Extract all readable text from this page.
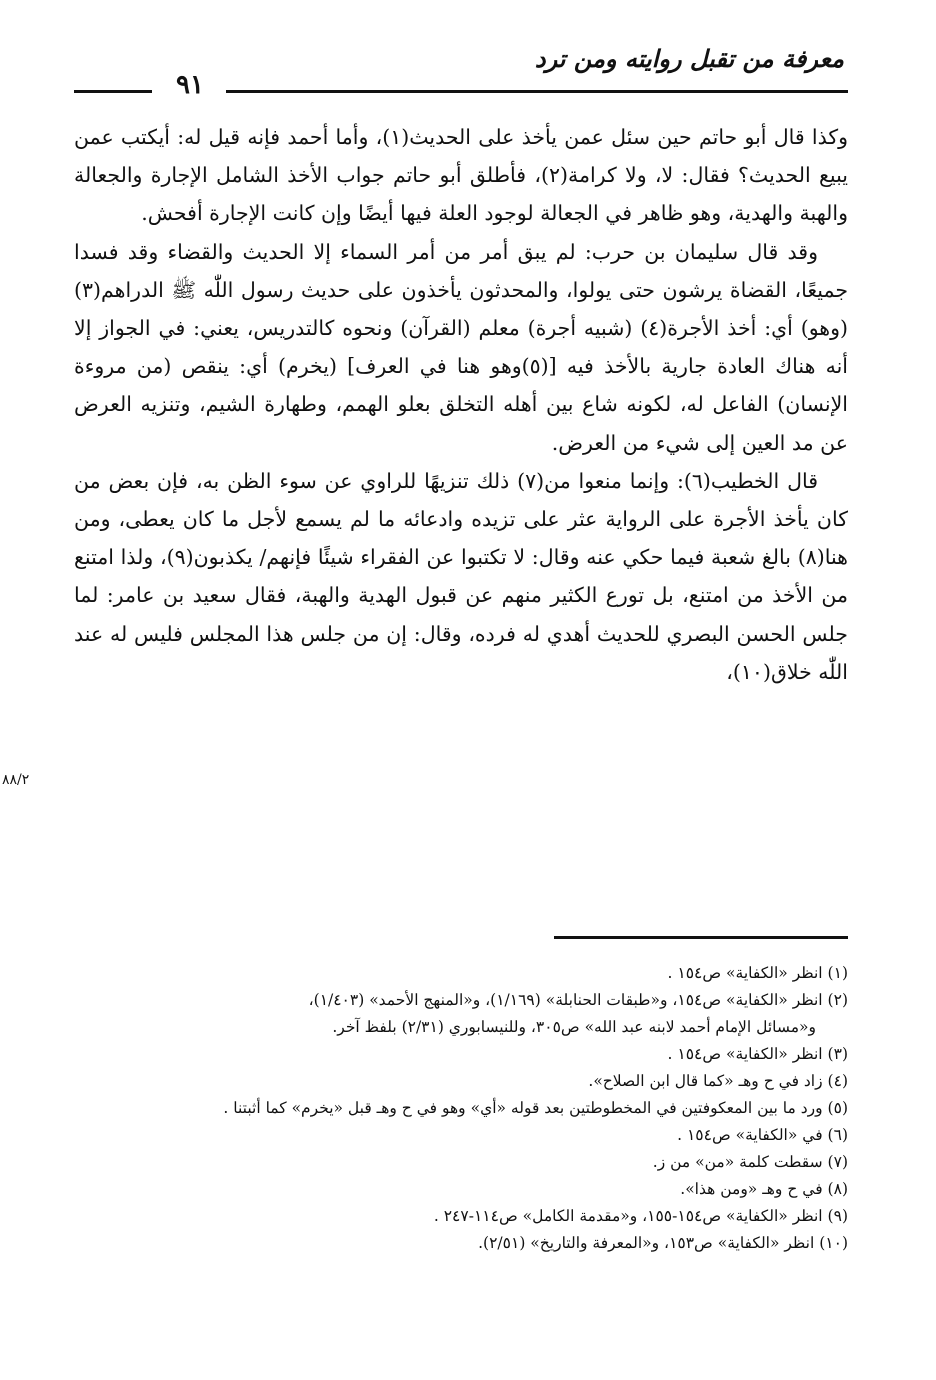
معرفة من تقبل روايته ومن ترد
٩١

وكذا قال أبو حاتم حين سئل عمن يأخذ على الحديث(١)، وأما أحمد فإنه قيل له: أيكتب عمن يبيع الحديث؟ فقال: لا، ولا كرامة(٢)، فأطلق أبو حاتم جواب الأخذ الشامل الإجارة والجعالة والهبة والهدية، وهو ظاهر في الجعالة لوجود العلة فيها أيضًا وإن كانت الإجارة أفحش.

وقد قال سليمان بن حرب: لم يبق أمر من أمر السماء إلا الحديث والقضاء وقد فسدا جميعًا، القضاة يرشون حتى يولوا، والمحدثون يأخذون على حديث رسول اللّٰه ﷺ الدراهم(٣) (وهو) أي: أخذ الأجرة(٤) (شبيه أجرة) معلم (القرآن) ونحوه كالتدريس، يعني: في الجواز إلا أنه هناك العادة جارية بالأخذ فيه [(٥)وهو هنا في العرف] (يخرم) أي: ينقص (من مروءة الإنسان) الفاعل له، لكونه شاع بين أهله التخلق بعلو الهمم، وطهارة الشيم، وتنزيه العرض عن مد العين إلى شيء من العرض.

قال الخطيب(٦): وإنما منعوا من(٧) ذلك تنزيهًا للراوي عن سوء الظن به، فإن بعض من كان يأخذ الأجرة على الرواية عثر على تزيده وادعائه ما لم يسمع لأجل ما كان يعطى، ومن هنا(٨) بالغ شعبة فيما حكي عنه وقال: لا تكتبوا عن الفقراء شيئًا فإنهم/ يكذبون(٩)، ولذا امتنع من الأخذ من امتنع، بل تورع الكثير منهم عن قبول الهدية والهبة، فقال سعيد بن عامر: لما جلس الحسن البصري للحديث أهدي له فرده، وقال: إن من جلس هذا المجلس فليس له عند اللّٰه خلاق(١٠)،

٨٨/٢
(١) انظر «الكفاية» ص١٥٤ .
(٢) انظر «الكفاية» ص١٥٤، و«طبقات الحنابلة» (١/١٦٩)، و«المنهج الأحمد» (١/٤٠٣)،
و«مسائل الإمام أحمد لابنه عبد الله» ص٣٠٥، وللنيسابوري (٢/٣١) بلفظ آخر.
(٣) انظر «الكفاية» ص١٥٤ .
(٤) زاد في ح وهـ «كما قال ابن الصلاح».
(٥) ورد ما بين المعكوفتين في المخطوطتين بعد قوله «أي» وهو في ح وهـ قبل «يخرم» كما أثبتنا .
(٦) في «الكفاية» ص١٥٤ .
(٧) سقطت كلمة «من» من ز.
(٨) في ح وهـ «ومن هذا».
(٩) انظر «الكفاية» ص١٥٤-١٥٥، و«مقدمة الكامل» ص١١٤-٢٤٧ .
(١٠) انظر «الكفاية» ص١٥٣، و«المعرفة والتاريخ» (٢/٥١).
